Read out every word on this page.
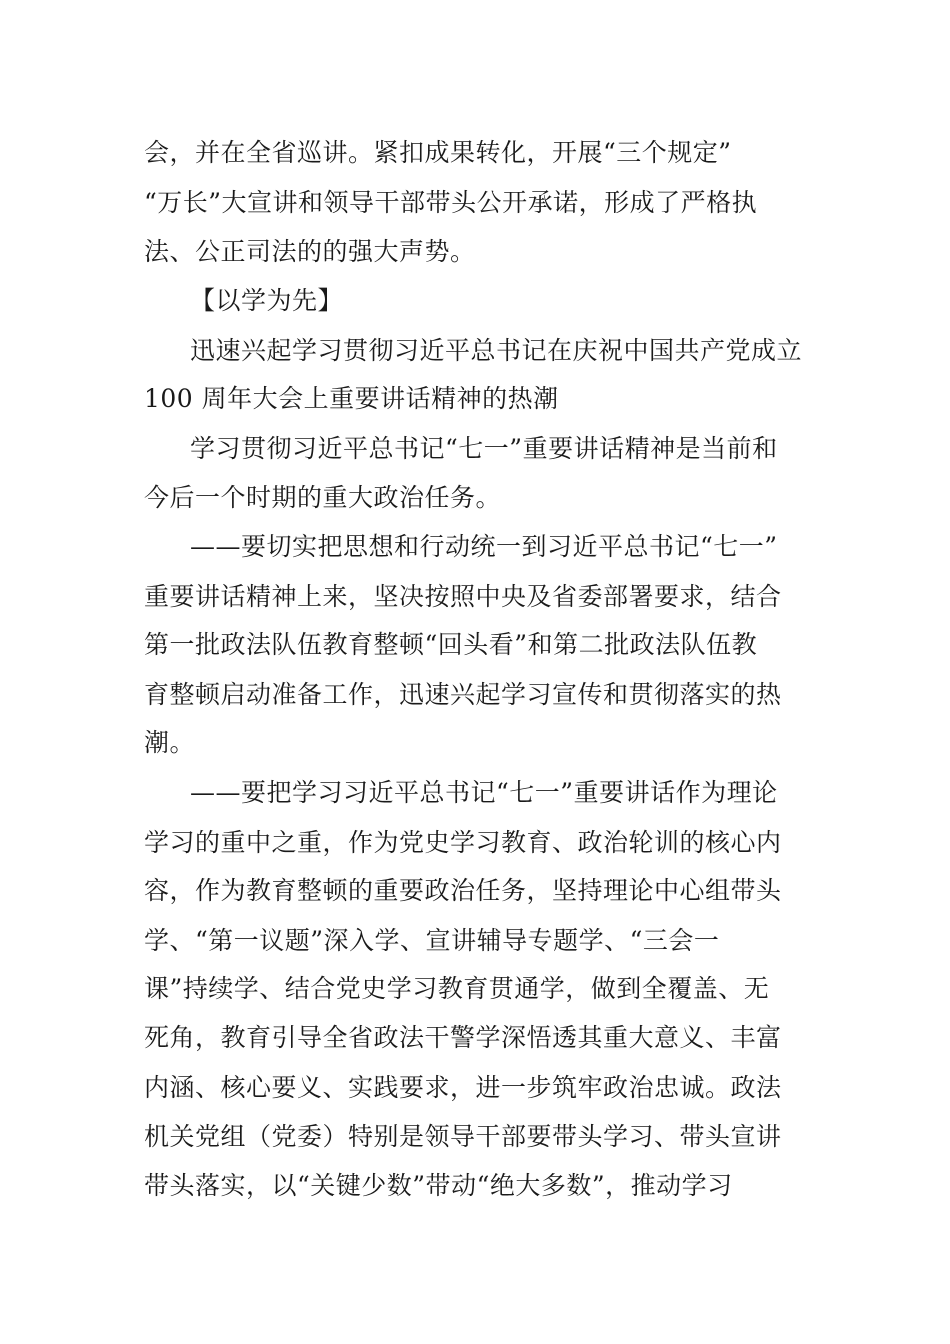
会，并在全省巡讲。紧扣成果转化，开展“三个规定”
“万长”大宣讲和领导干部带头公开承诺，形成了严格执
法、公正司法的的强大声势。
【以学为先】
迅速兴起学习贯彻习近平总书记在庆祝中国共产党成立
100 周年大会上重要讲话精神的热潮
学习贯彻习近平总书记“七一”重要讲话精神是当前和
今后一个时期的重大政治任务。
——要切实把思想和行动统一到习近平总书记“七一”
重要讲话精神上来，坚决按照中央及省委部署要求，结合
第一批政法队伍教育整顿“回头看”和第二批政法队伍教
育整顿启动准备工作，迅速兴起学习宣传和贯彻落实的热
潮。
——要把学习习近平总书记“七一”重要讲话作为理论
学习的重中之重，作为党史学习教育、政治轮训的核心内
容，作为教育整顿的重要政治任务，坚持理论中心组带头
学、“第一议题”深入学、宣讲辅导专题学、“三会一
课”持续学、结合党史学习教育贯通学，做到全覆盖、无
死角，教育引导全省政法干警学深悟透其重大意义、丰富
内涵、核心要义、实践要求，进一步筑牢政治忠诚。政法
机关党组（党委）特别是领导干部要带头学习、带头宣讲
带头落实，以“关键少数”带动“绝大多数”，推动学习
